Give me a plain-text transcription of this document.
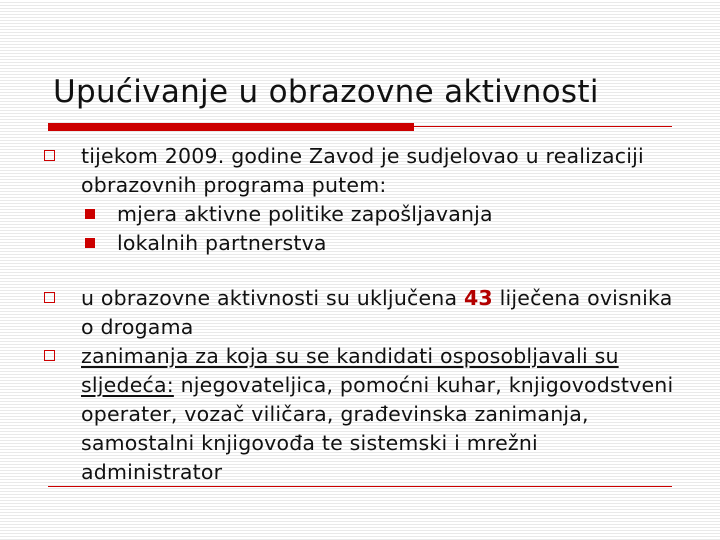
Upućivanje u obrazovne aktivnosti
tijekom 2009. godine Zavod je sudjelovao u realizaciji obrazovnih programa putem:
mjera aktivne politike zapošljavanja
lokalnih partnerstva
u obrazovne aktivnosti su uključena 43 liječena ovisnika o drogama
zanimanja za koja su se kandidati osposobljavali su sljedeća: njegovateljica, pomoćni kuhar, knjigovodstveni operater, vozač viličara, građevinska zanimanja, samostalni knjigovođa te sistemski i mrežni administrator
